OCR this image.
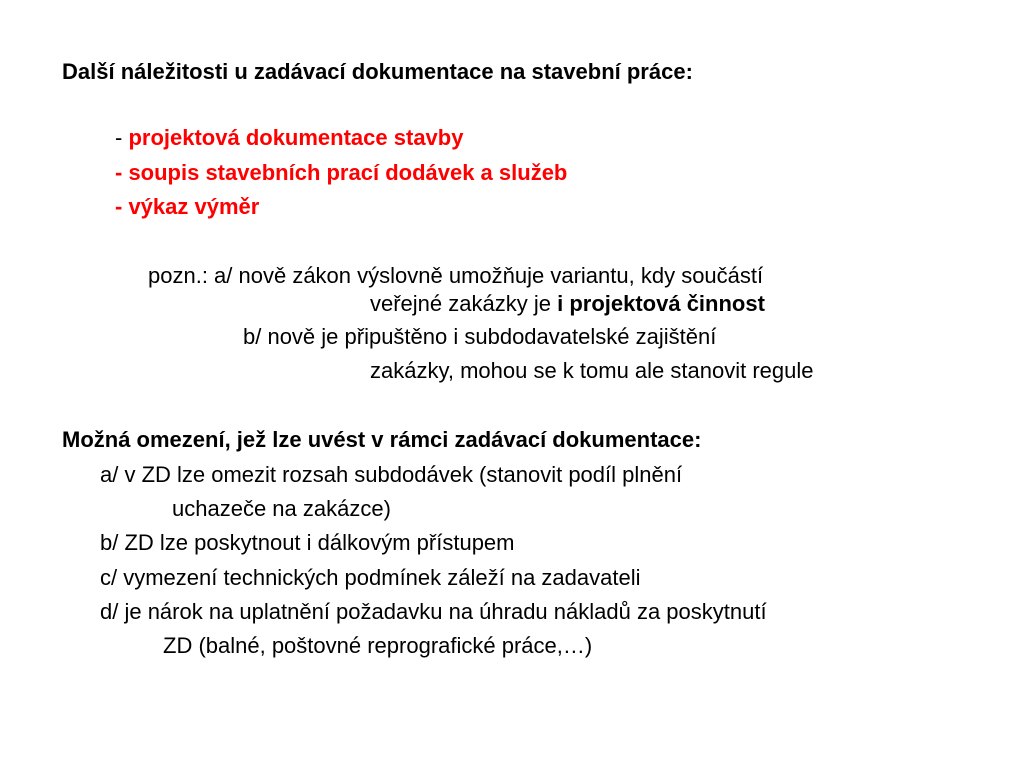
Další náležitosti u zadávací dokumentace na stavební práce:
- projektová dokumentace stavby
- soupis stavebních prací dodávek a služeb
- výkaz výměr
pozn.: a/ nově zákon výslovně umožňuje variantu, kdy součástí
veřejné zakázky je i projektová činnost
b/ nově je připuštěno i subdodavatelské zajištění
zakázky, mohou se k tomu ale stanovit regule
Možná omezení, jež lze uvést v rámci zadávací dokumentace:
a/ v ZD lze omezit rozsah subdodávek (stanovit podíl plnění
uchazeče na zakázce)
b/ ZD lze poskytnout i dálkovým přístupem
c/ vymezení technických podmínek záleží na zadavateli
d/ je nárok na uplatnění požadavku na úhradu nákladů za poskytnutí
ZD (balné, poštovné reprografické práce,…)
